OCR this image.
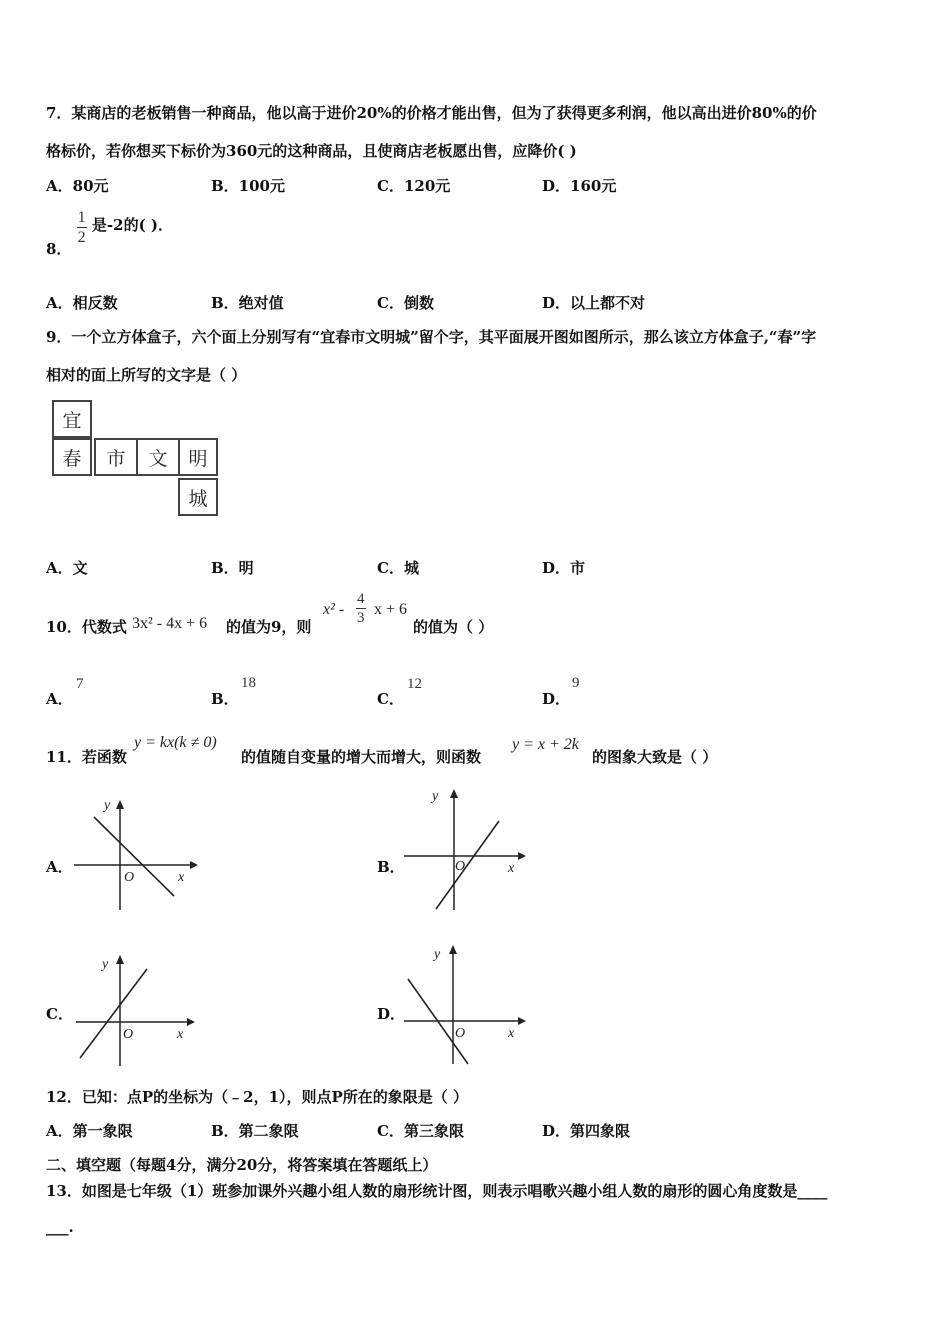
7．某商店的老板销售一种商品，他以高于进价20%的价格才能出售，但为了获得更多利润，他以高出进价80%的价
格标价，若你想买下标价为360元的这种商品，且使商店老板愿出售，应降价( )
A．80元	B．100元	C．120元	D．160元
8．
$\frac{1}{2}$ 是-2的( )．
A．相反数	B．绝对值	C．倒数	D．以上都不对
9．一个立方体盒子，六个面上分别写有“宜春市文明城”留个字，其平面展开图如图所示，那么该立方体盒子,“春”字
相对的面上所写的文字是（ ）
宜
春	市	文	明
城
A．文	B．明	C．城	D．市
10．代数式 3x² - 4x + 6 的值为9，则
$x^2 - \frac{4}{3}$ x + 6
的值为（ ）
A．
7
B．
18
C．
12
D．
9
11．若函数
y = kx(k ≠ 0)
的值随自变量的增大而增大，则函数
y = x + 2k
的图象大致是（ ）
A．
y
x
O
B．
y
x
O
C．
y
x
O
D．
y
x
O
12．已知：点P的坐标为（﹣2，1），则点P所在的象限是（ ）
A．第一象限	B．第二象限	C．第三象限	D．第四象限
二、填空题（每题4分，满分20分，将答案填在答题纸上）
13．如图是七年级（1）班参加课外兴趣小组人数的扇形统计图，则表示唱歌兴趣小组人数的扇形的圆心角度数是____
___.
